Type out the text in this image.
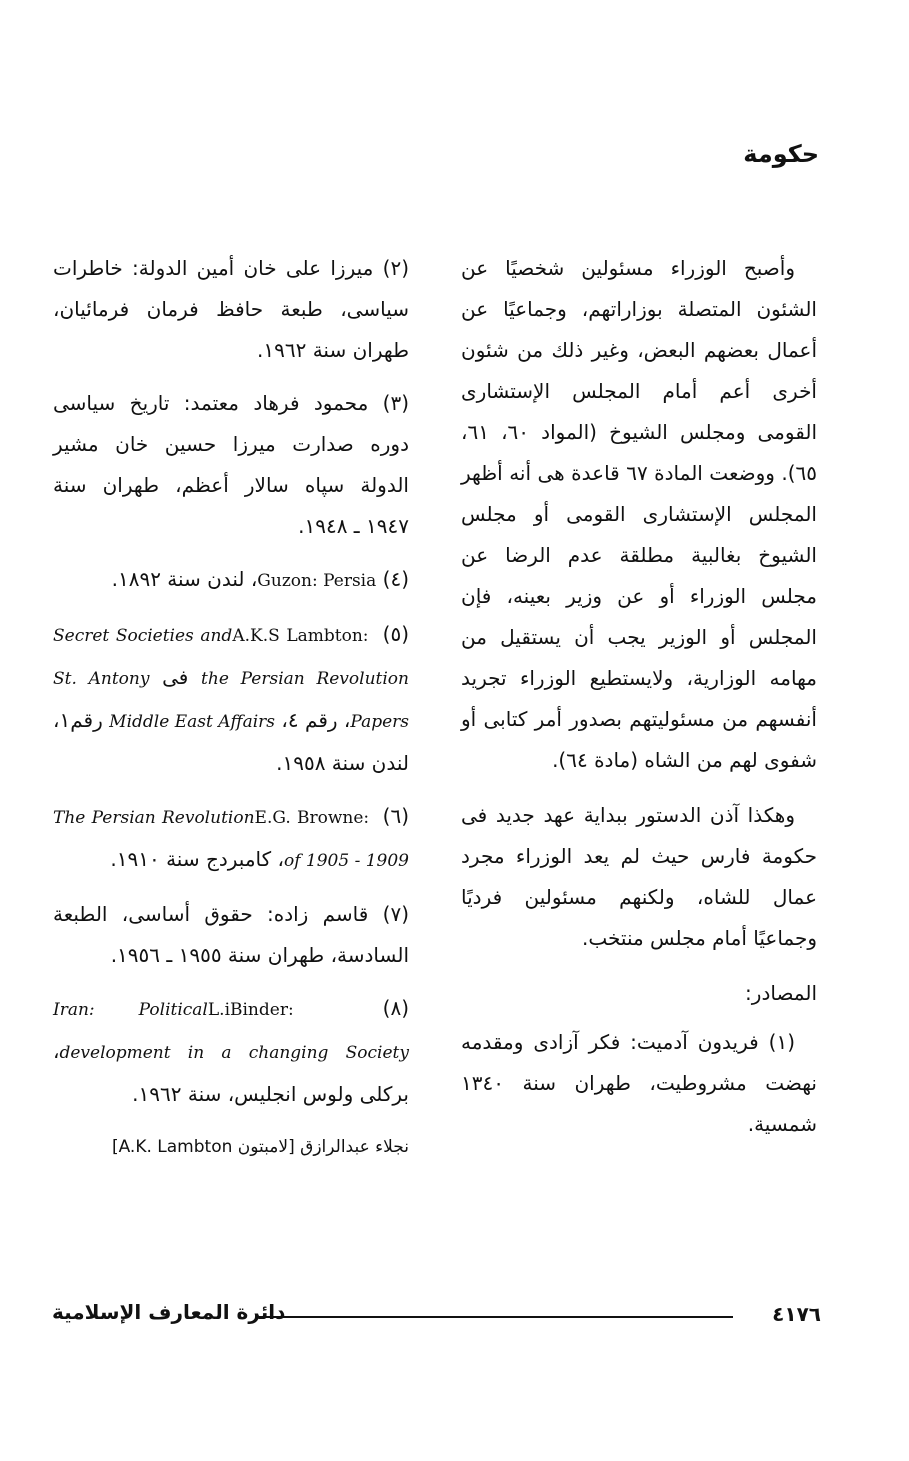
حكومة

وأصبح الوزراء مسئولين شخصيًا عن الشئون المتصلة بوزاراتهم، وجماعيًا عن أعمال بعضهم البعض، وغير ذلك من شئون أخرى أعم أمام المجلس الإستشارى القومى ومجلس الشيوخ (المواد ٦٠، ٦١، ٦٥). ووضعت المادة ٦٧ قاعدة هى أنه أظهر المجلس الإستشارى القومى أو مجلس الشيوخ بغالبية مطلقة عدم الرضا عن مجلس الوزراء أو عن وزير بعينه، فإن المجلس أو الوزير يجب أن يستقيل من مهامه الوزارية، ولايستطيع الوزراء تجريد أنفسهم من مسئوليتهم بصدور أمر كتابى أو شفوى لهم من الشاه (مادة ٦٤).

وهكذا آذن الدستور ببداية عهد جديد فى حكومة فارس حيث لم يعد الوزراء مجرد عمال للشاه، ولكنهم مسئولين فرديًا وجماعيًا أمام مجلس منتخب.

المصادر:

(١) فريدون آدميت: فكر آزادى ومقدمه نهضت مشروطيت، طهران سنة ١٣٤٠ شمسية.

(٢) ميرزا على خان أمين الدولة: خاطرات سياسى، طبعة حافظ فرمان فرمائيان، طهران سنة ١٩٦٢.

(٣) محمود فرهاد معتمد: تاريخ سياسى دوره صدارت ميرزا حسين خان مشير الدولة سپاه سالار أعظم، طهران سنة ١٩٤٧ ـ ١٩٤٨.

(٤) Guzon: Persia، لندن سنة ١٨٩٢.

(٥) A.K.S Lambton: Secret Societies and the Persian Revolution فى St. Antony Papers، رقم ٤، Middle East Affairs رقم١، لندن سنة ١٩٥٨.

(٦) E.G. Browne: The Persian Revolution of 1905 - 1909، كامبردج سنة ١٩١٠.

(٧) قاسم زاده: حقوق أساسى، الطبعة السادسة، طهران سنة ١٩٥٥ ـ ١٩٥٦.

(٨) L.iBinder: Iran: Political development in a changing Society، بركلى ولوس انجليس، سنة ١٩٦٢.

نجلاء عبدالرازق [لامبتون A.K. Lambton]

٤١٧٦
دائرة المعارف الإسلامية
